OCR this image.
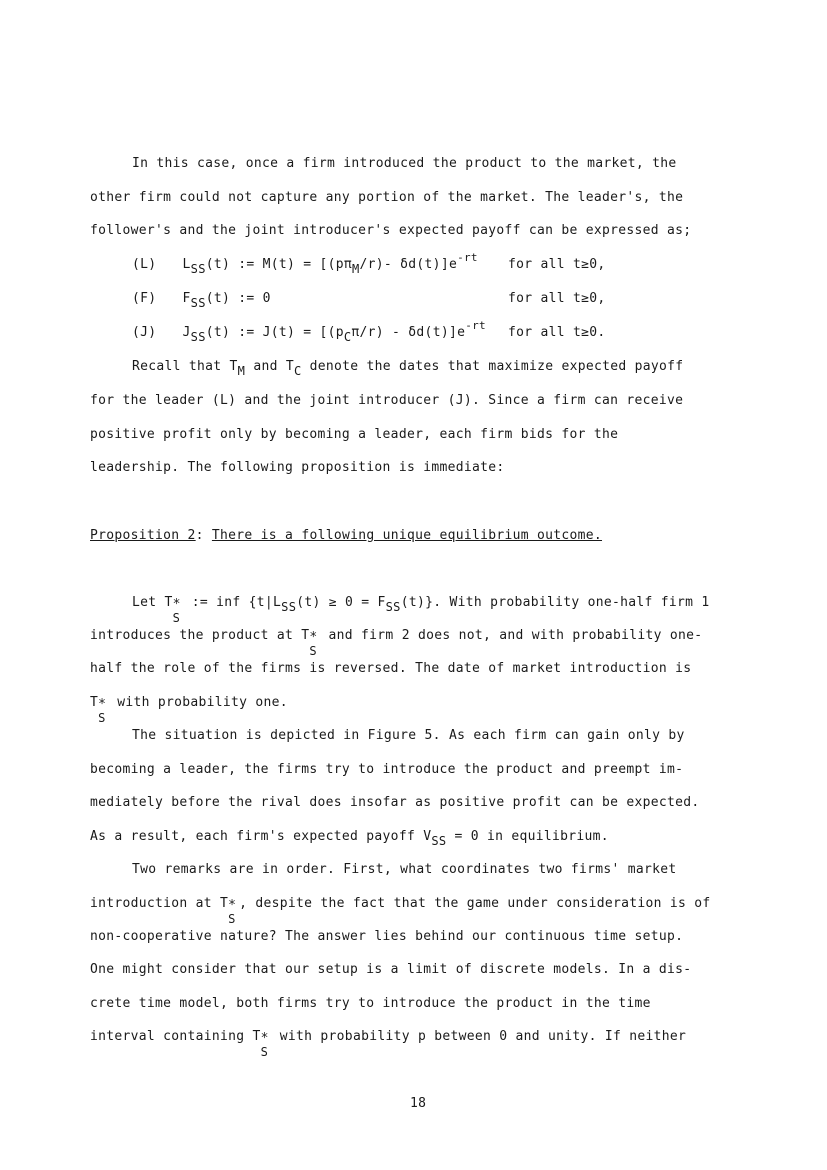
In this case, once a firm introduced the product to the market, the
other firm could not capture any portion of the market. The leader's, the
follower's and the joint introducer's expected payoff can be expressed as;
(L) $L_{SS}(t)$ := $M(t) = [(p\pi_M/r)-$ $\delta d(t)]e^{-rt}$ for all t≥0,
(F) $F_{SS}(t)$ := 0	for all t≥0,
(J) $J_{SS}(t)$ := $J(t) = [(p_C\pi/r) - \delta d(t)]e^{-rt}$ for all t≥0.
Recall that $T_M$ and $T_C$ denote the dates that maximize expected payoff
for the leader (L) and the joint introducer (J). Since a firm can receive
positive profit only by becoming a leader, each firm bids for the
leadership. The following proposition is immediate:
Proposition 2: There is a following unique equilibrium outcome.
Let T *
S
:= inf $\{t|L_{SS}(t) \ge 0 = F_{SS}(t)\}$. With probability one-half firm 1
introduces the product at T *
S
and firm 2 does not, and with probability one-
half the role of the firms is reversed. The date of market introduction is
T *
S
with probability one.
The situation is depicted in Figure 5. As each firm can gain only by
becoming a leader, the firms try to introduce the product and preempt im-
mediately before the rival does insofar as positive profit can be expected.
As a result, each firm's expected payoff $V_{SS} = 0$ in equilibrium.
Two remarks are in order. First, what coordinates two firms' market
introduction at T *
S
, despite the fact that the game under consideration is of
non-cooperative nature? The answer lies behind our continuous time setup.
One might consider that our setup is a limit of discrete models. In a dis-
crete time model, both firms try to introduce the product in the time
interval containing T *
S
with probability p between 0 and unity. If neither
18
